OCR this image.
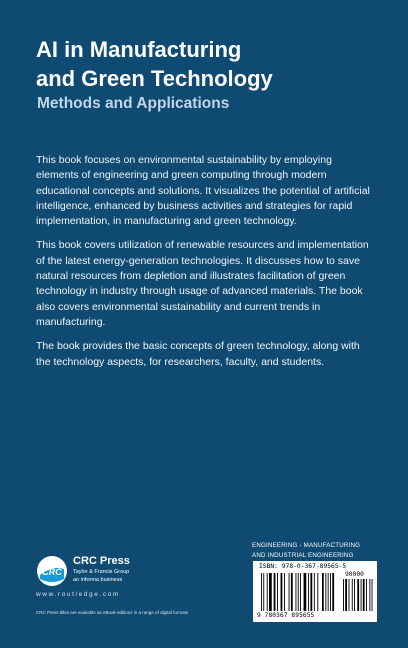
AI in Manufacturing
and Green Technology
Methods and Applications

This book focuses on environmental sustainability by employing elements of engineering and green computing through modern educational concepts and solutions. It visualizes the potential of artificial intelligence, enhanced by business activities and strategies for rapid implementation, in manufacturing and green technology.

This book covers utilization of renewable resources and implementation of the latest energy-generation technologies. It discusses how to save natural resources from depletion and illustrates facilitation of green technology in industry through usage of advanced materials. The book also covers environmental sustainability and current trends in manufacturing.

The book provides the basic concepts of green technology, along with the technology aspects, for researchers, faculty, and students.

CRC
CRC Press
Taylor & Francis Group
an informa business
www.routledge.com
CRC Press titles are available as eBook editions in a range of digital formats
ENGINEERING - MANUFACTURING
AND INDUSTRIAL ENGINEERING
ISBN: 978-0-367-89565-5
90000
9 780367 895655
